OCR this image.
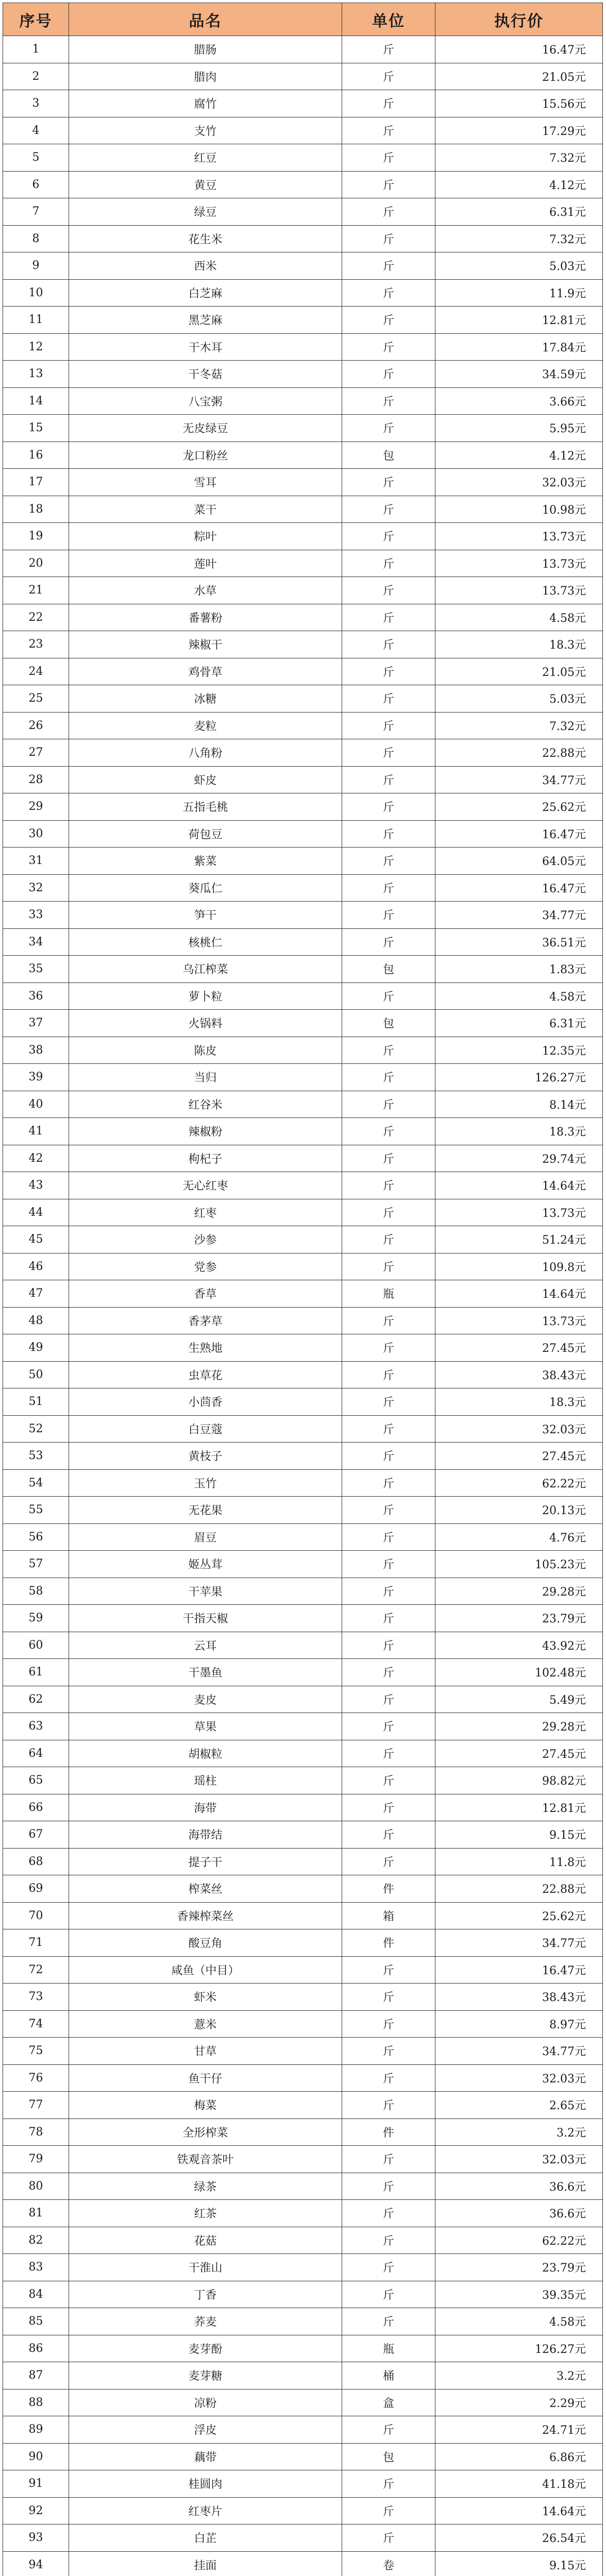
序号	品名	单位	执行价
1	腊肠	斤	16.47元
2	腊肉	斤	21.05元
3	腐竹	斤	15.56元
4	支竹	斤	17.29元
5	红豆	斤	7.32元
6	黄豆	斤	4.12元
7	绿豆	斤	6.31元
8	花生米	斤	7.32元
9	西米	斤	5.03元
10	白芝麻	斤	11.9元
11	黑芝麻	斤	12.81元
12	干木耳	斤	17.84元
13	干冬菇	斤	34.59元
14	八宝粥	斤	3.66元
15	无皮绿豆	斤	5.95元
16	龙口粉丝	包	4.12元
17	雪耳	斤	32.03元
18	菜干	斤	10.98元
19	粽叶	斤	13.73元
20	莲叶	斤	13.73元
21	水草	斤	13.73元
22	番薯粉	斤	4.58元
23	辣椒干	斤	18.3元
24	鸡骨草	斤	21.05元
25	冰糖	斤	5.03元
26	麦粒	斤	7.32元
27	八角粉	斤	22.88元
28	虾皮	斤	34.77元
29	五指毛桃	斤	25.62元
30	荷包豆	斤	16.47元
31	紫菜	斤	64.05元
32	葵瓜仁	斤	16.47元
33	笋干	斤	34.77元
34	核桃仁	斤	36.51元
35	乌江榨菜	包	1.83元
36	萝卜粒	斤	4.58元
37	火锅料	包	6.31元
38	陈皮	斤	12.35元
39	当归	斤	126.27元
40	红谷米	斤	8.14元
41	辣椒粉	斤	18.3元
42	枸杞子	斤	29.74元
43	无心红枣	斤	14.64元
44	红枣	斤	13.73元
45	沙参	斤	51.24元
46	党参	斤	109.8元
47	香草	瓶	14.64元
48	香茅草	斤	13.73元
49	生熟地	斤	27.45元
50	虫草花	斤	38.43元
51	小茴香	斤	18.3元
52	白豆蔻	斤	32.03元
53	黄枝子	斤	27.45元
54	玉竹	斤	62.22元
55	无花果	斤	20.13元
56	眉豆	斤	4.76元
57	姬丛茸	斤	105.23元
58	干苹果	斤	29.28元
59	干指天椒	斤	23.79元
60	云耳	斤	43.92元
61	干墨鱼	斤	102.48元
62	麦皮	斤	5.49元
63	草果	斤	29.28元
64	胡椒粒	斤	27.45元
65	瑶柱	斤	98.82元
66	海带	斤	12.81元
67	海带结	斤	9.15元
68	提子干	斤	11.8元
69	榨菜丝	件	22.88元
70	香辣榨菜丝	箱	25.62元
71	酸豆角	件	34.77元
72	咸鱼（中目）	斤	16.47元
73	虾米	斤	38.43元
74	薏米	斤	8.97元
75	甘草	斤	34.77元
76	鱼干仔	斤	32.03元
77	梅菜	斤	2.65元
78	全形榨菜	件	3.2元
79	铁观音茶叶	斤	32.03元
80	绿茶	斤	36.6元
81	红茶	斤	36.6元
82	花菇	斤	62.22元
83	干淮山	斤	23.79元
84	丁香	斤	39.35元
85	荞麦	斤	4.58元
86	麦芽酚	瓶	126.27元
87	麦芽糖	桶	3.2元
88	凉粉	盒	2.29元
89	浮皮	斤	24.71元
90	藕带	包	6.86元
91	桂圆肉	斤	41.18元
92	红枣片	斤	14.64元
93	白芷	斤	26.54元
94	挂面	卷	9.15元
